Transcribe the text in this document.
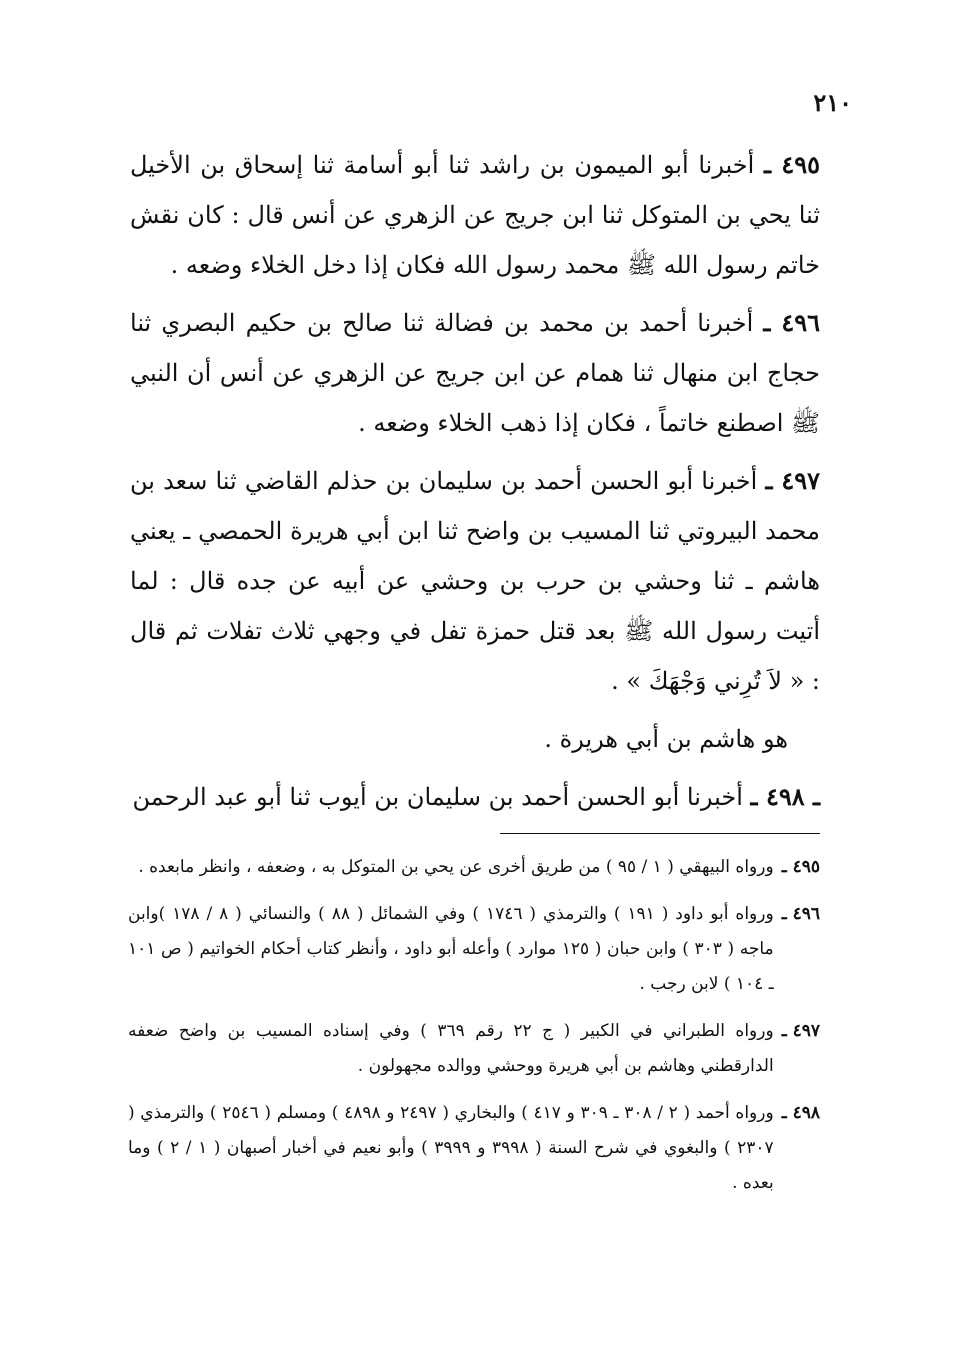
٢١٠

٤٩٥ ـ أخبرنا أبو الميمون بن راشد ثنا أبو أسامة ثنا إسحاق بن الأخيل ثنا يحي بن المتوكل ثنا ابن جريج عن الزهري عن أنس قال : كان نقش خاتم رسول الله ﷺ محمد رسول الله فكان إذا دخل الخلاء وضعه .

٤٩٦ ـ أخبرنا أحمد بن محمد بن فضالة ثنا صالح بن حكيم البصري ثنا حجاج ابن منهال ثنا همام عن ابن جريج عن الزهري عن أنس أن النبي ﷺ اصطنع خاتماً ، فكان إذا ذهب الخلاء وضعه .

٤٩٧ ـ أخبرنا أبو الحسن أحمد بن سليمان بن حذلم القاضي ثنا سعد بن محمد البيروتي ثنا المسيب بن واضح ثنا ابن أبي هريرة الحمصي ـ يعني هاشم ـ ثنا وحشي بن حرب بن وحشي عن أبيه عن جده قال : لما أتيت رسول الله ﷺ بعد قتل حمزة تفل في وجهي ثلاث تفلات ثم قال : « لاَ تُرِني وَجْهَكَ » .

هو هاشم بن أبي هريرة .

ـ ٤٩٨ ـ أخبرنا أبو الحسن أحمد بن سليمان بن أيوب ثنا أبو عبد الرحمن

٤٩٥ ـ
ورواه البيهقي ( ١ / ٩٥ ) من طريق أخرى عن يحي بن المتوكل به ، وضعفه ، وانظر مابعده .
٤٩٦ ـ
ورواه أبو داود ( ١٩١ ) والترمذي ( ١٧٤٦ ) وفي الشمائل ( ٨٨ ) والنسائي ( ٨ / ١٧٨ )وابن ماجه ( ٣٠٣ ) وابن حبان ( ١٢٥ موارد ) وأعله أبو داود ، وأنظر كتاب أحكام الخواتيم ( ص ١٠١ ـ ١٠٤ ) لابن رجب .
٤٩٧ ـ
ورواه الطبراني في الكبير ( ج ٢٢ رقم ٣٦٩ ) وفي إسناده المسيب بن واضح ضعفه الدارقطني وهاشم بن أبي هريرة ووحشي ووالده مجهولون .
٤٩٨ ـ
ورواه أحمد ( ٢ / ٣٠٨ ـ ٣٠٩ و ٤١٧ ) والبخاري ( ٢٤٩٧ و ٤٨٩٨ ) ومسلم ( ٢٥٤٦ ) والترمذي ( ٢٣٠٧ ) والبغوي في شرح السنة ( ٣٩٩٨ و ٣٩٩٩ ) وأبو نعيم في أخبار أصبهان ( ١ / ٢ ) وما بعده .
